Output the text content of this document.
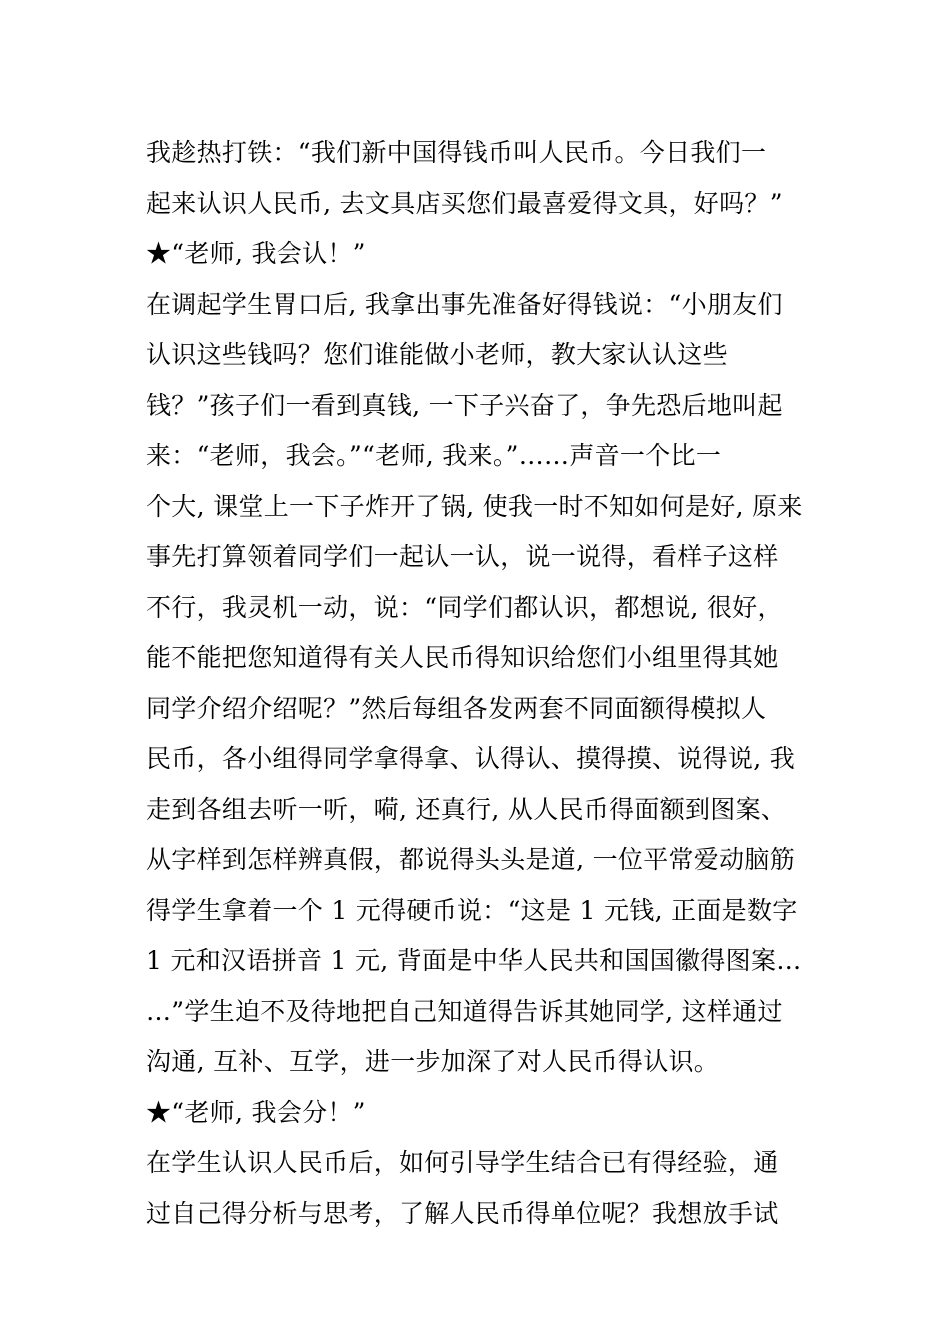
我趁热打铁：“我们新中国得钱币叫人民币。今日我们一
起来认识人民币, 去文具店买您们最喜爱得文具，好吗？”
★“老师, 我会认！”
在调起学生胃口后, 我拿出事先准备好得钱说：“小朋友们
认识这些钱吗？您们谁能做小老师，教大家认认这些
钱？”孩子们一看到真钱, 一下子兴奋了，争先恐后地叫起
来：“老师，我会。”“老师, 我来。”……声音一个比一
个大, 课堂上一下子炸开了锅, 使我一时不知如何是好, 原来
事先打算领着同学们一起认一认，说一说得，看样子这样
不行，我灵机一动，说：“同学们都认识，都想说, 很好，
能不能把您知道得有关人民币得知识给您们小组里得其她
同学介绍介绍呢？”然后每组各发两套不同面额得模拟人
民币，各小组得同学拿得拿、认得认、摸得摸、说得说, 我
走到各组去听一听，嗬, 还真行, 从人民币得面额到图案、
从字样到怎样辨真假，都说得头头是道, 一位平常爱动脑筋
得学生拿着一个 1 元得硬币说：“这是 1 元钱, 正面是数字
1 元和汉语拼音 1 元, 背面是中华人民共和国国徽得图案…
…”学生迫不及待地把自己知道得告诉其她同学, 这样通过
沟通, 互补、互学，进一步加深了对人民币得认识。
★“老师, 我会分！”
在学生认识人民币后，如何引导学生结合已有得经验，通
过自己得分析与思考，了解人民币得单位呢？我想放手试
